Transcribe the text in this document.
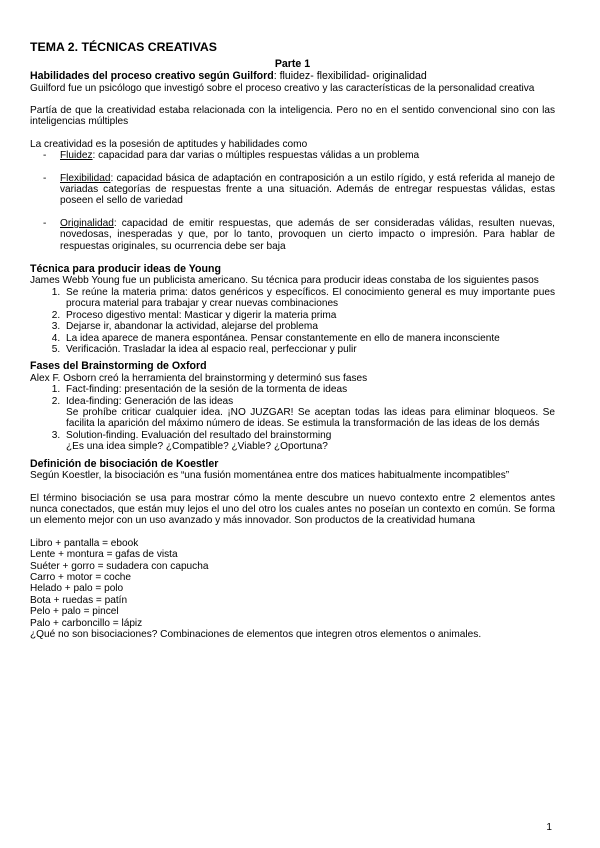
TEMA 2. TÉCNICAS CREATIVAS
Parte 1
Habilidades del proceso creativo según Guilford: fluidez- flexibilidad- originalidad

Guilford fue un psicólogo que investigó sobre el proceso creativo y las características de la personalidad creativa

Partía de que la creatividad estaba relacionada con la inteligencia. Pero no en el sentido convencional sino con las inteligencias múltiples

La creatividad es la posesión de aptitudes y habilidades como

- Fluidez: capacidad para dar varias o múltiples respuestas válidas a un problema
- Flexibilidad: capacidad básica de adaptación en contraposición a un estilo rígido, y está referida al manejo de variadas categorías de respuestas frente a una situación. Además de entregar respuestas válidas, estas poseen el sello de variedad
- Originalidad: capacidad de emitir respuestas, que además de ser consideradas válidas, resulten nuevas, novedosas, inesperadas y que, por lo tanto, provoquen un cierto impacto o impresión. Para hablar de respuestas originales, su ocurrencia debe ser baja
Técnica para producir ideas de Young

James Webb Young fue un publicista americano. Su técnica para producir ideas constaba de los siguientes pasos

1. Se reúne la materia prima: datos genéricos y específicos. El conocimiento general es muy importante pues procura material para trabajar y crear nuevas combinaciones
2. Proceso digestivo mental: Masticar y digerir la materia prima
3. Dejarse ir, abandonar la actividad, alejarse del problema
4. La idea aparece de manera espontánea. Pensar constantemente en ello de manera inconsciente
5. Verificación. Trasladar la idea al espacio real, perfeccionar y pulir
Fases del Brainstorming de Oxford

Alex F. Osborn creó la herramienta del brainstorming y determinó sus fases

1. Fact-finding: presentación de la sesión de la tormenta de ideas
2. Idea-finding: Generación de las ideas
Se prohíbe criticar cualquier idea. ¡NO JUZGAR! Se aceptan todas las ideas para eliminar bloqueos. Se facilita la aparición del máximo número de ideas. Se estimula la transformación de las ideas de los demás
3. Solution-finding. Evaluación del resultado del brainstorming
¿Es una idea simple? ¿Compatible? ¿Viable? ¿Oportuna?
Definición de bisociación de Koestler

Según Koestler, la bisociación es “una fusión momentánea entre dos matices habitualmente incompatibles”

El término bisociación se usa para mostrar cómo la mente descubre un nuevo contexto entre 2 elementos antes nunca conectados, que están muy lejos el uno del otro los cuales antes no poseían un contexto en común. Se forma un elemento mejor con un uso avanzado y más innovador. Son productos de la creatividad humana

Libro + pantalla = ebook

Lente + montura = gafas de vista

Suéter + gorro = sudadera con capucha

Carro + motor = coche

Helado + palo = polo

Bota + ruedas = patín

Pelo + palo = pincel

Palo + carboncillo = lápiz

¿Qué no son bisociaciones? Combinaciones de elementos que integren otros elementos o animales.

1
